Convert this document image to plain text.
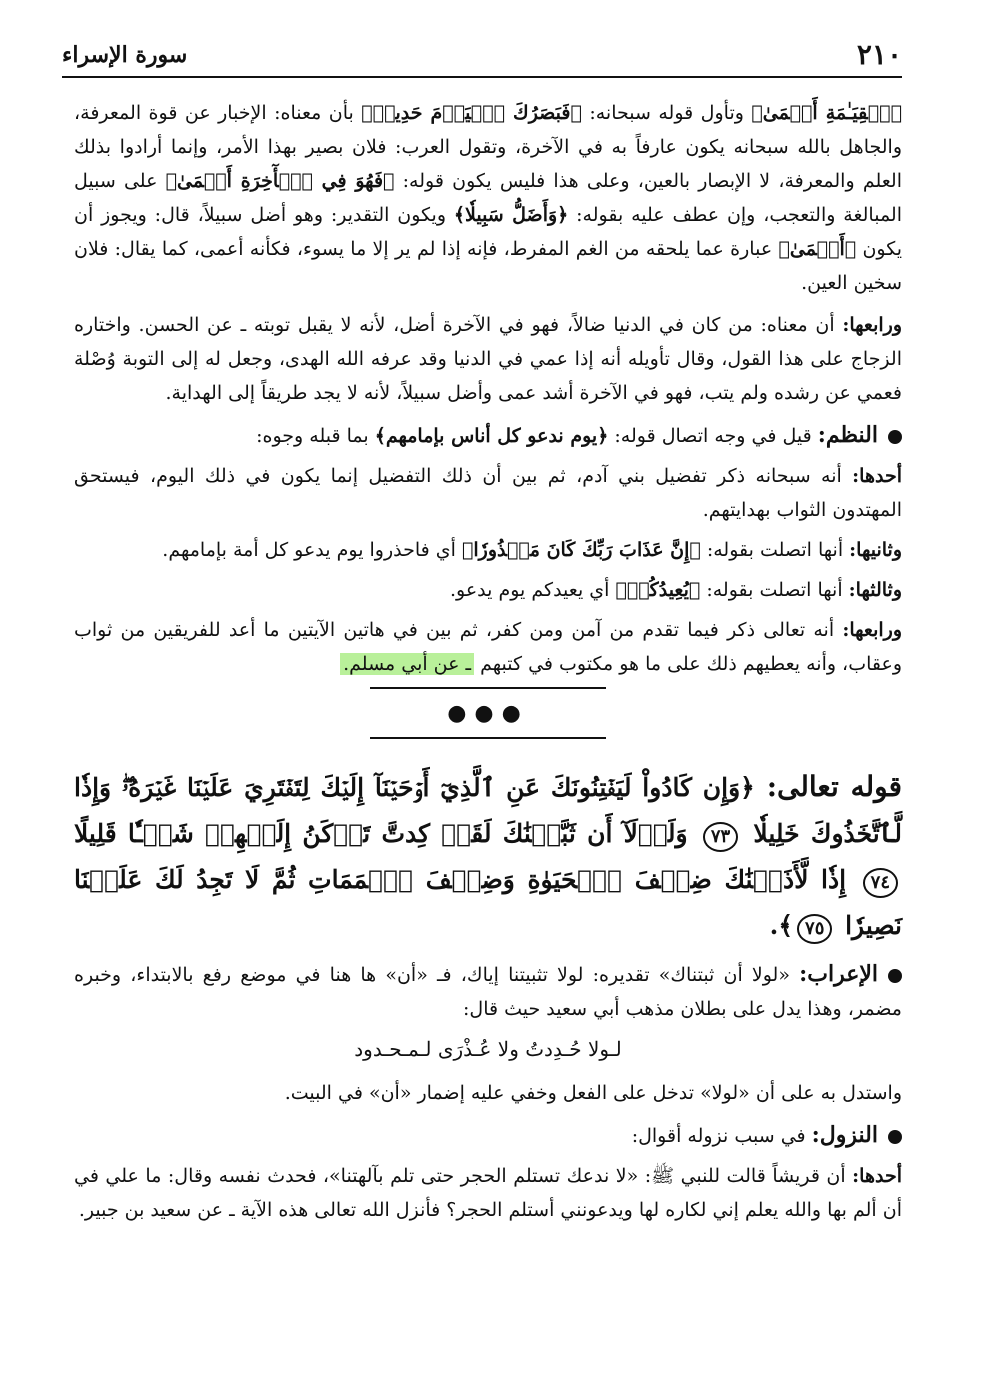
٢١٠
سورة الإسراء

ٱلۡقِيَـٰمَةِ أَعۡمَىٰ﴾ وتأول قوله سبحانه: ﴿فَبَصَرُكَ ٱلۡيَوۡمَ حَدِيدٞ﴾ بأن معناه: الإخبار عن قوة المعرفة، والجاهل بالله سبحانه يكون عارفاً به في الآخرة، وتقول العرب: فلان بصير بهذا الأمر، وإنما أرادوا بذلك العلم والمعرفة، لا الإبصار بالعين، وعلى هذا فليس يكون قوله: ﴿فَهُوَ فِي ٱلۡأٓخِرَةِ أَعۡمَىٰ﴾ على سبيل المبالغة والتعجب، وإن عطف عليه بقوله: ﴿وَأَضَلُّ سَبِيلٗا﴾ ويكون التقدير: وهو أضل سبيلاً، قال: ويجوز أن يكون ﴿أَعۡمَىٰ﴾ عبارة عما يلحقه من الغم المفرط، فإنه إذا لم ير إلا ما يسوء، فكأنه أعمى، كما يقال: فلان سخين العين.

ورابعها: أن معناه: من كان في الدنيا ضالاً، فهو في الآخرة أضل، لأنه لا يقبل توبته ـ عن الحسن. واختاره الزجاج على هذا القول، وقال تأويله أنه إذا عمي في الدنيا وقد عرفه الله الهدى، وجعل له إلى التوبة وُصْلة فعمي عن رشده ولم يتب، فهو في الآخرة أشد عمى وأضل سبيلاً، لأنه لا يجد طريقاً إلى الهداية.

النظم: قيل في وجه اتصال قوله: ﴿يوم ندعو كل أناس بإمامهم﴾ بما قبله وجوه:

أحدها: أنه سبحانه ذكر تفضيل بني آدم، ثم بين أن ذلك التفضيل إنما يكون في ذلك اليوم، فيستحق المهتدون الثواب بهدايتهم.

وثانيها: أنها اتصلت بقوله: ﴿إِنَّ عَذَابَ رَبِّكَ كَانَ مَحۡذُورٗا﴾ أي فاحذروا يوم يدعو كل أمة بإمامهم.

وثالثها: أنها اتصلت بقوله: ﴿يُعِيدُكُمۡ﴾ أي يعيدكم يوم يدعو.

ورابعها: أنه تعالى ذكر فيما تقدم من آمن ومن كفر، ثم بين في هاتين الآيتين ما أعد للفريقين من ثواب وعقاب، وأنه يعطيهم ذلك على ما هو مكتوب في كتبهم ـ عن أبي مسلم.

●●●

قوله تعالى: ﴿وَإِن كَادُواْ لَيَفۡتِنُونَكَ عَنِ ٱلَّذِيٓ أَوۡحَيۡنَآ إِلَيۡكَ لِتَفۡتَرِيَ عَلَيۡنَا غَيۡرَهُۥۖ وَإِذٗا لَّٱتَّخَذُوكَ خَلِيلٗا ٧٣ وَلَوۡلَآ أَن ثَبَّتۡنَٰكَ لَقَدۡ كِدتَّ تَرۡكَنُ إِلَيۡهِمۡ شَيۡـٔٗا قَلِيلًا ٧٤ إِذٗا لَّأَذَقۡنَٰكَ ضِعۡفَ ٱلۡحَيَوٰةِ وَضِعۡفَ ٱلۡمَمَاتِ ثُمَّ لَا تَجِدُ لَكَ عَلَيۡنَا نَصِيرٗا ٧٥﴾.

الإعراب: «لولا أن ثبتناك» تقديره: لولا تثبيتنا إياك، فـ «أن» ها هنا في موضع رفع بالابتداء، وخبره مضمر، وهذا يدل على بطلان مذهب أبي سعيد حيث قال:

لـولا حُـدِدتُ ولا عُـذْرَى لـمـحـدود

واستدل به على أن «لولا» تدخل على الفعل وخفي عليه إضمار «أن» في البيت.

النزول: في سبب نزوله أقوال:

أحدها: أن قريشاً قالت للنبي ﷺ: «لا ندعك تستلم الحجر حتى تلم بآلهتنا»، فحدث نفسه وقال: ما علي في أن ألم بها والله يعلم إني لكاره لها ويدعونني أستلم الحجر؟ فأنزل الله تعالى هذه الآية ـ عن سعيد بن جبير.
